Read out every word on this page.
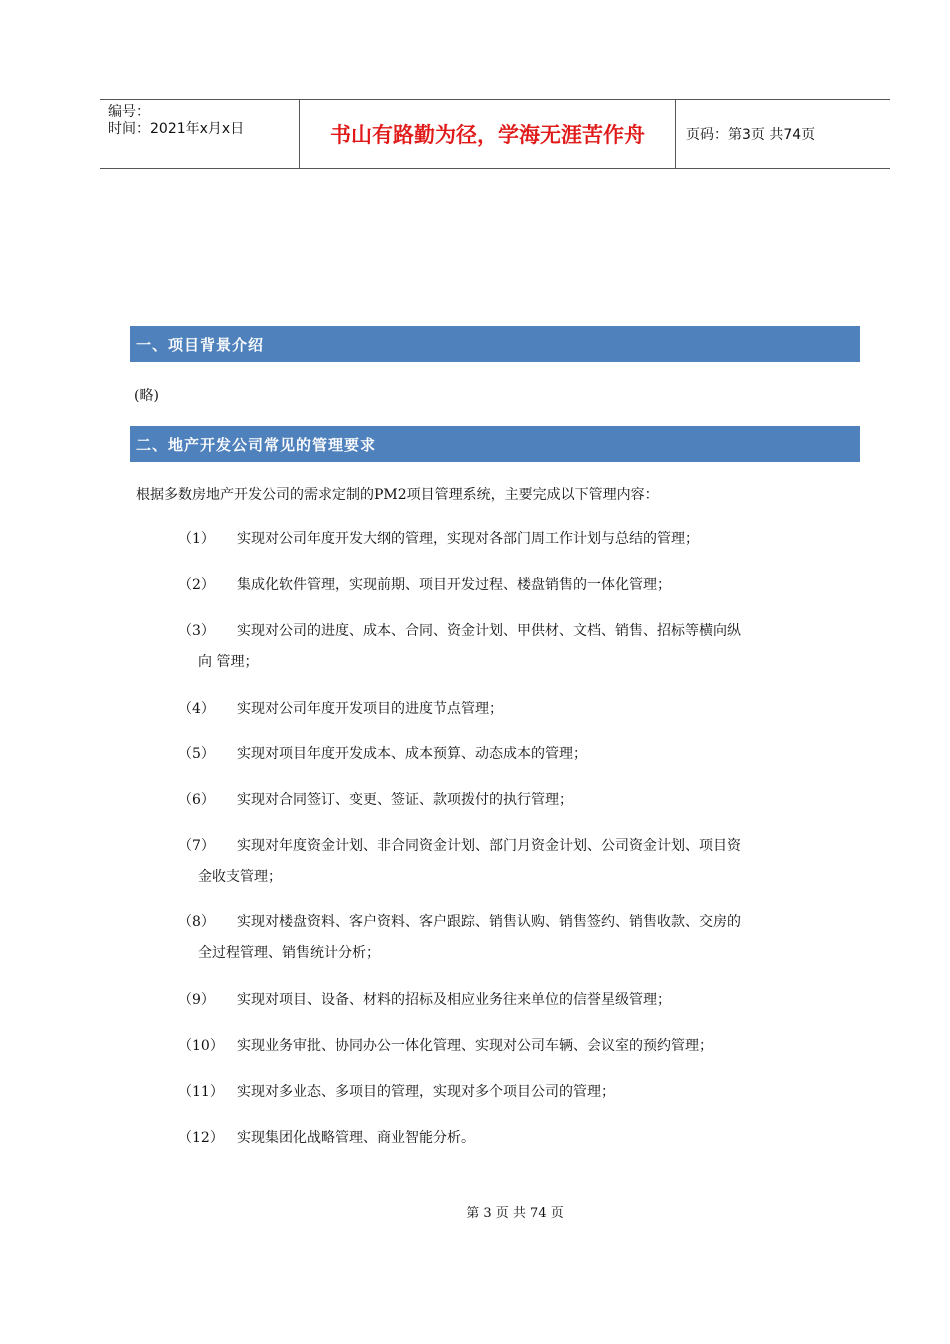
编号：
时间：2021年x月x日	书山有路勤为径，学海无涯苦作舟	页码：第3页 共74页
一、项目背景介绍
(略)
二、地产开发公司常见的管理要求
根据多数房地产开发公司的需求定制的PM2项目管理系统，主要完成以下管理内容：
（1） 实现对公司年度开发大纲的管理，实现对各部门周工作计划与总结的管理；
（2） 集成化软件管理，实现前期、项目开发过程、楼盘销售的一体化管理；
（3） 实现对公司的进度、成本、合同、资金计划、甲供材、文档、销售、招标等横向纵
向 管理；
（4） 实现对公司年度开发项目的进度节点管理；
（5） 实现对项目年度开发成本、成本预算、动态成本的管理；
（6） 实现对合同签订、变更、签证、款项拨付的执行管理；
（7） 实现对年度资金计划、非合同资金计划、部门月资金计划、公司资金计划、项目资
金收支管理；
（8） 实现对楼盘资料、客户资料、客户跟踪、销售认购、销售签约、销售收款、交房的
全过程管理、销售统计分析；
（9） 实现对项目、设备、材料的招标及相应业务往来单位的信誉星级管理；
（10） 实现业务审批、协同办公一体化管理、实现对公司车辆、会议室的预约管理；
（11） 实现对多业态、多项目的管理，实现对多个项目公司的管理；
（12） 实现集团化战略管理、商业智能分析。
第 3 页 共 74 页
